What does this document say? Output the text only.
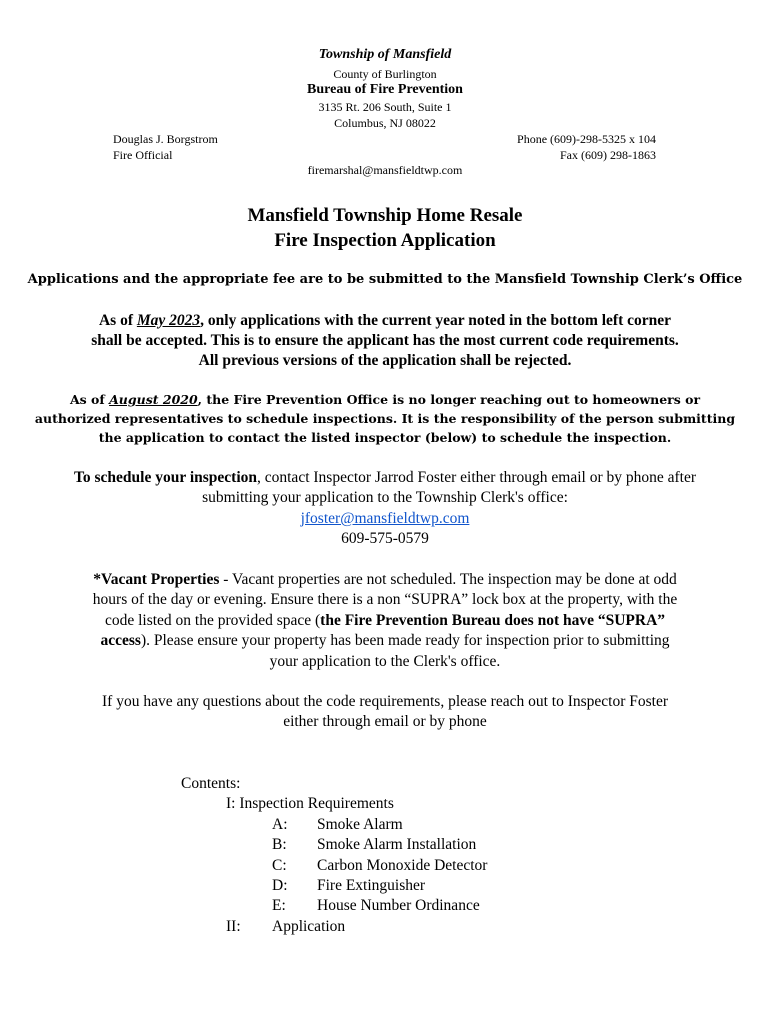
Township of Mansfield
County of Burlington
Bureau of Fire Prevention
3135 Rt. 206 South, Suite 1
Columbus, NJ 08022
Douglas J. Borgstrom
Fire Official
Phone (609)-298-5325 x 104
Fax (609) 298-1863
firemarshal@mansfieldtwp.com
Mansfield Township Home Resale
Fire Inspection Application
Applications and the appropriate fee are to be submitted to the Mansfield Township Clerk’s Office
As of May 2023, only applications with the current year noted in the bottom left corner
shall be accepted. This is to ensure the applicant has the most current code requirements.
All previous versions of the application shall be rejected.
As of August 2020, the Fire Prevention Office is no longer reaching out to homeowners or
authorized representatives to schedule inspections. It is the responsibility of the person submitting
the application to contact the listed inspector (below) to schedule the inspection.
To schedule your inspection, contact Inspector Jarrod Foster either through email or by phone after
submitting your application to the Township Clerk's office:
jfoster@mansfieldtwp.com
609-575-0579
*Vacant Properties - Vacant properties are not scheduled. The inspection may be done at odd
hours of the day or evening. Ensure there is a non “SUPRA” lock box at the property, with the
code listed on the provided space (the Fire Prevention Bureau does not have “SUPRA”
access). Please ensure your property has been made ready for inspection prior to submitting
your application to the Clerk's office.
If you have any questions about the code requirements, please reach out to Inspector Foster
either through email or by phone
Contents:
I: Inspection Requirements
A: Smoke Alarm
B: Smoke Alarm Installation
C: Carbon Monoxide Detector
D: Fire Extinguisher
E: House Number Ordinance
II: Application
